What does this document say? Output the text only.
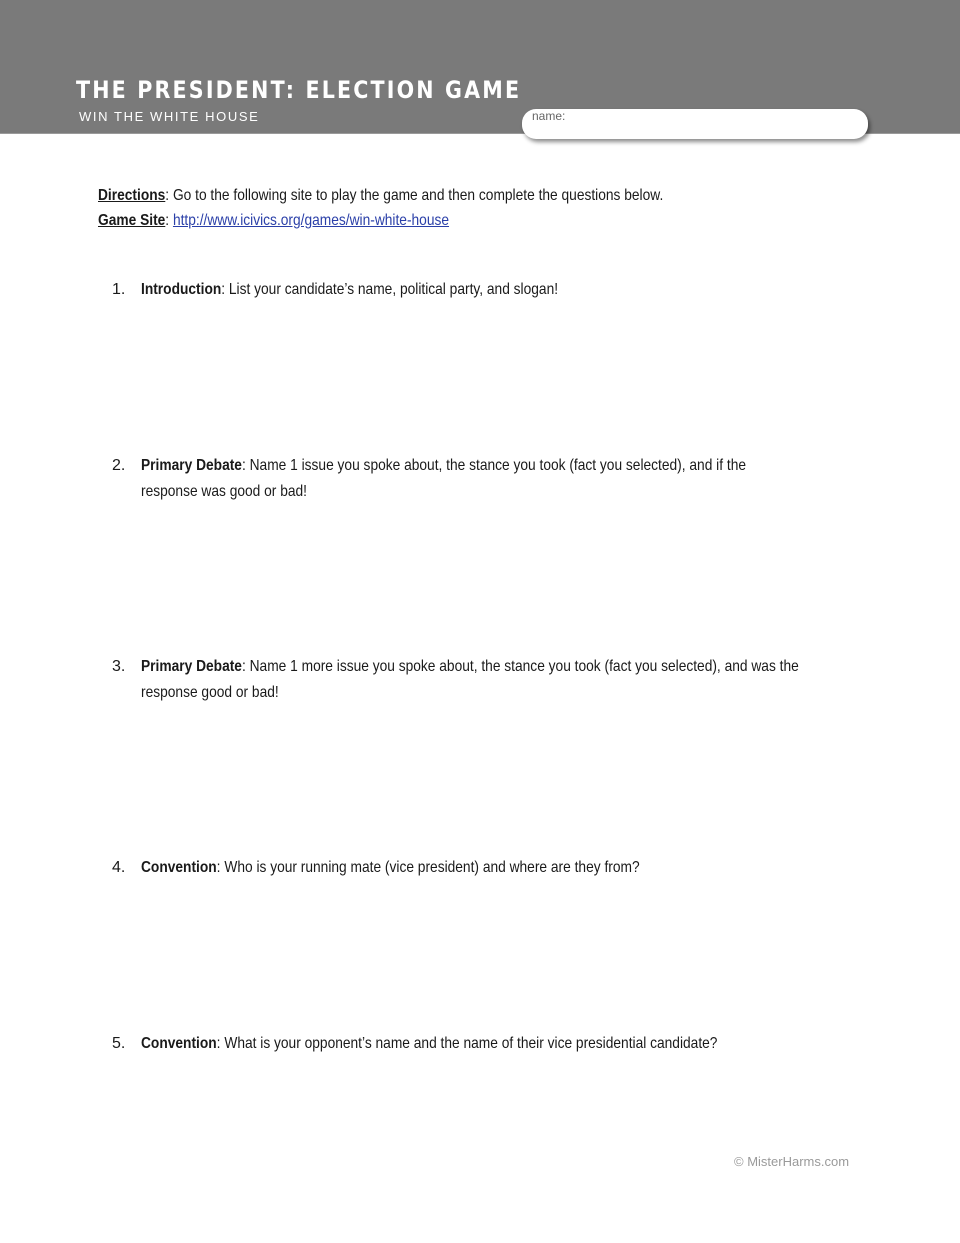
THE PRESIDENT: ELECTION GAME
WIN THE WHITE HOUSE	name:
Directions: Go to the following site to play the game and then complete the questions below.
Game Site: http://www.icivics.org/games/win-white-house
1. Introduction: List your candidate’s name, political party, and slogan!
2. Primary Debate: Name 1 issue you spoke about, the stance you took (fact you selected), and if the
response was good or bad!
3. Primary Debate: Name 1 more issue you spoke about, the stance you took (fact you selected), and was the
response good or bad!
4. Convention: Who is your running mate (vice president) and where are they from?
5. Convention: What is your opponent’s name and the name of their vice presidential candidate?
© MisterHarms.com
